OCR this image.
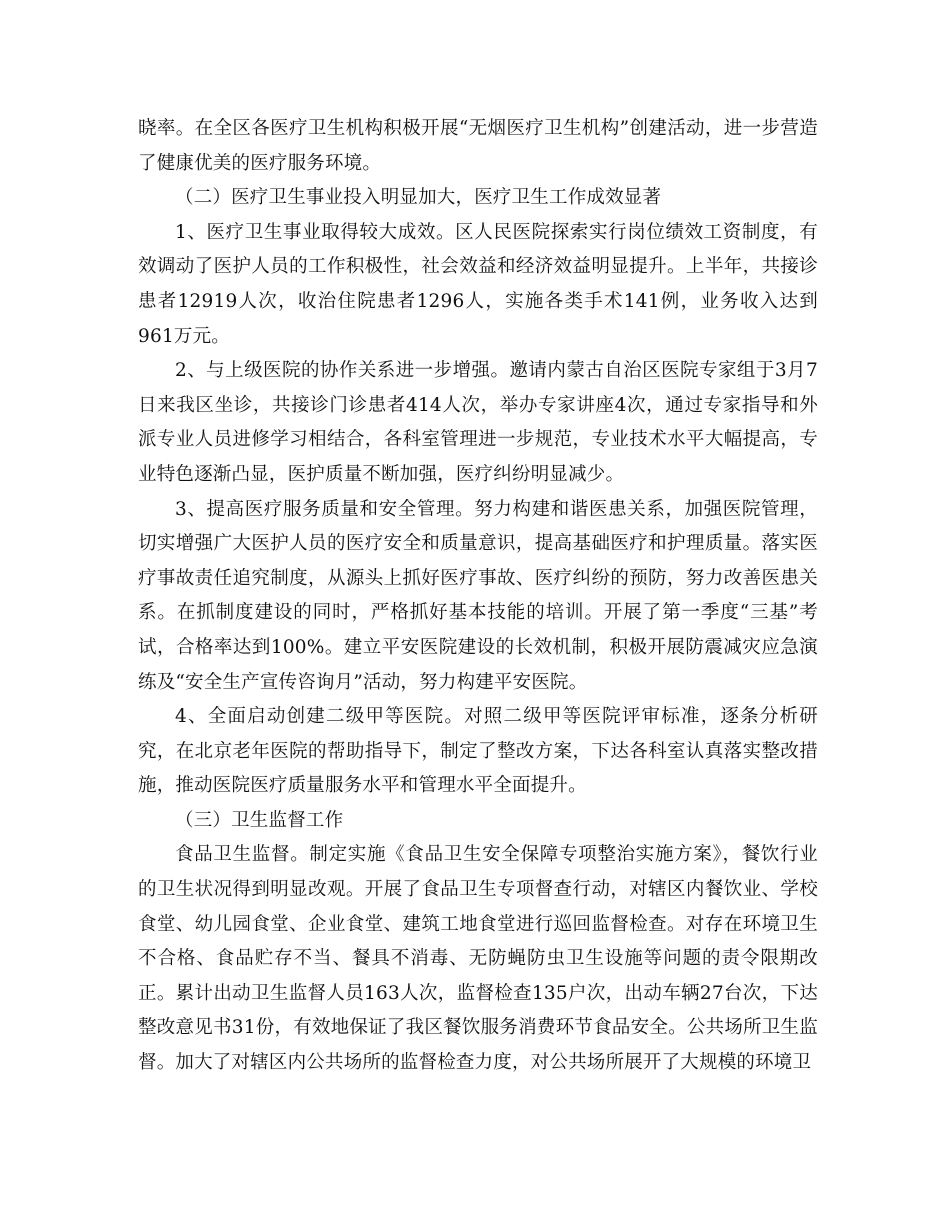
晓率。在全区各医疗卫生机构积极开展“无烟医疗卫生机构”创建活动，进一步营造了健康优美的医疗服务环境。

（二）医疗卫生事业投入明显加大，医疗卫生工作成效显著

1、医疗卫生事业取得较大成效。区人民医院探索实行岗位绩效工资制度，有效调动了医护人员的工作积极性，社会效益和经济效益明显提升。上半年，共接诊患者12919人次，收治住院患者1296人，实施各类手术141例，业务收入达到961万元。

2、与上级医院的协作关系进一步增强。邀请内蒙古自治区医院专家组于3月7日来我区坐诊，共接诊门诊患者414人次，举办专家讲座4次，通过专家指导和外派专业人员进修学习相结合，各科室管理进一步规范，专业技术水平大幅提高，专业特色逐渐凸显，医护质量不断加强，医疗纠纷明显减少。

3、提高医疗服务质量和安全管理。努力构建和谐医患关系，加强医院管理，切实增强广大医护人员的医疗安全和质量意识，提高基础医疗和护理质量。落实医疗事故责任追究制度，从源头上抓好医疗事故、医疗纠纷的预防，努力改善医患关系。在抓制度建设的同时，严格抓好基本技能的培训。开展了第一季度“三基”考试，合格率达到100%。建立平安医院建设的长效机制，积极开展防震减灾应急演练及“安全生产宣传咨询月”活动，努力构建平安医院。

4、全面启动创建二级甲等医院。对照二级甲等医院评审标准，逐条分析研究，在北京老年医院的帮助指导下，制定了整改方案，下达各科室认真落实整改措施，推动医院医疗质量服务水平和管理水平全面提升。

（三）卫生监督工作

食品卫生监督。制定实施《食品卫生安全保障专项整治实施方案》，餐饮行业的卫生状况得到明显改观。开展了食品卫生专项督查行动，对辖区内餐饮业、学校食堂、幼儿园食堂、企业食堂、建筑工地食堂进行巡回监督检查。对存在环境卫生不合格、食品贮存不当、餐具不消毒、无防蝇防虫卫生设施等问题的责令限期改正。累计出动卫生监督人员163人次，监督检查135户次，出动车辆27台次，下达整改意见书31份，有效地保证了我区餐饮服务消费环节食品安全。公共场所卫生监督。加大了对辖区内公共场所的监督检查力度，对公共场所展开了大规模的环境卫
